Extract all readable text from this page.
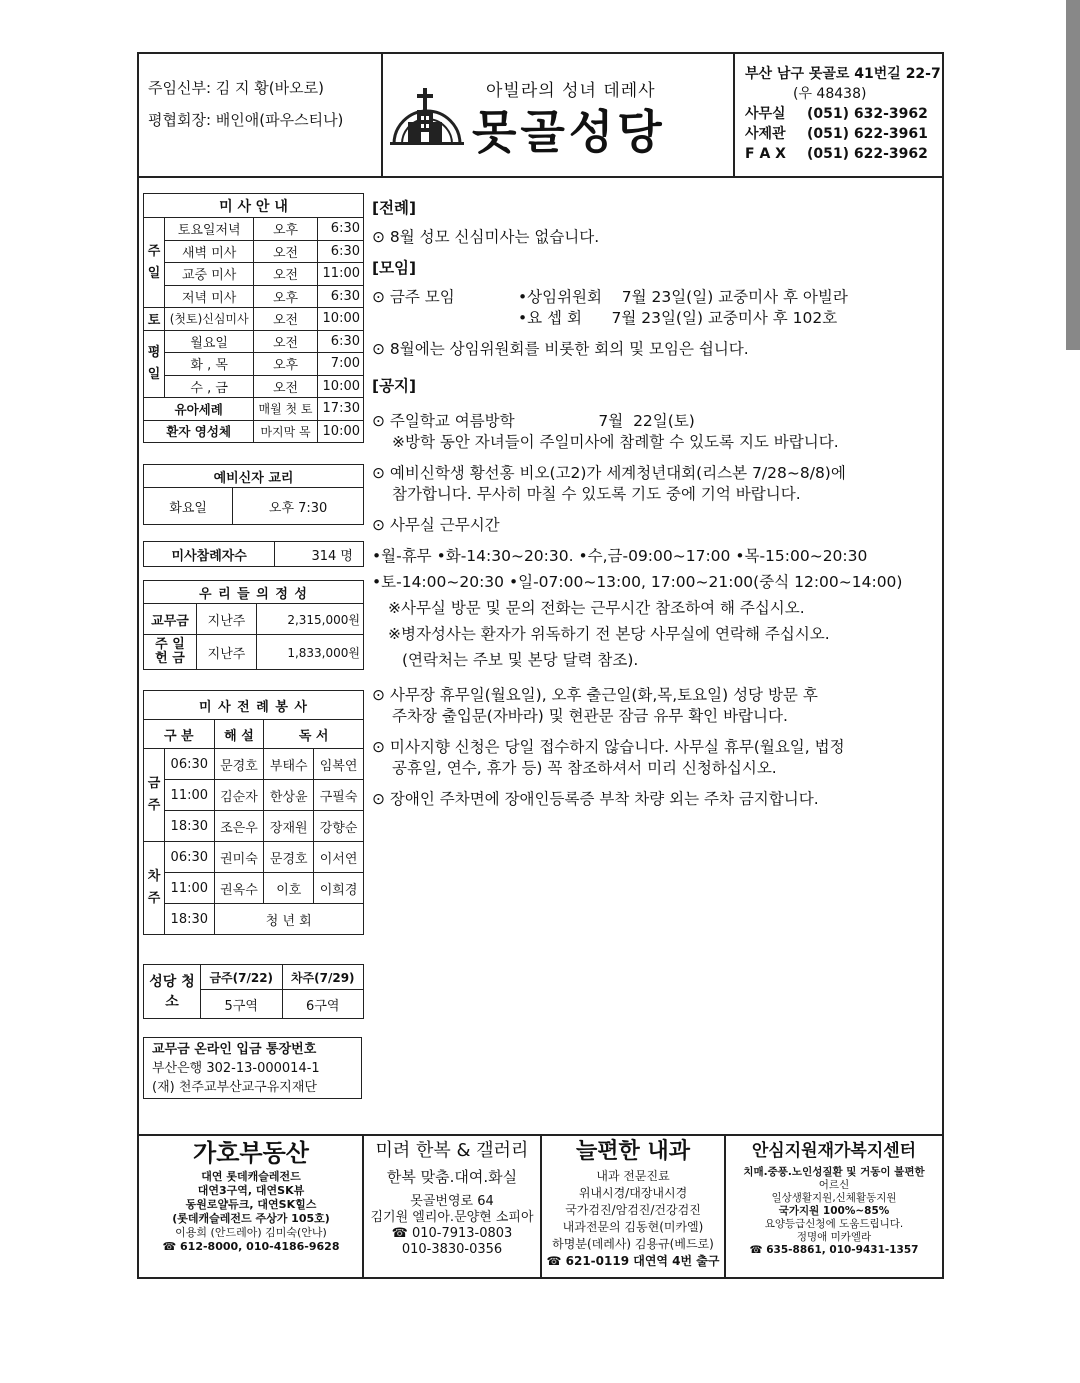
주임신부: 김 지 황(바오로)
평협회장: 배인애(파우스티나)
아빌라의 성녀 데레사
못골성당
부산 남구 못골로 41번길 22-7
(우 48438)
사무실	(051) 632-3962
사제관	(051) 622-3961
F A X	(051) 622-3962
미 사 안 내			
주일	토요일저녁	오후	6:30
	새벽 미사	오전	6:30
	교중 미사	오전	11:00
	저녁 미사	오후	6:30
토	(첫토)신심미사	오전	10:00
평일	월요일	오전	6:30
	화 , 목	오후	7:00
	수 , 금	오전	10:00
유아세례		매월 첫 토	17:30
환자 영성체		마지막 목	10:00
예비신자 교리
화요일	오후 7:30
미사참례자수	314 명
우 리 들 의 정 성		
교무금	지난주	2,315,000원
주 일 헌 금	지난주	1,833,000원
미 사 전 례 봉 사				
구 분		해 설	독 서	
금주	06:30	문경호	부태수	임복연
	11:00	김순자	한상윤	구필숙
	18:30	조은우	장재원	강향순
차주	06:30	권미숙	문경호	이서연
	11:00	권옥수	이호	이희경
	18:30	청 년 회		
성당 청소	금주(7/22)	차주(7/29)
	5구역	6구역
교무금 온라인 입금 통장번호
부산은행 302-13-000014-1
(재) 천주교부산교구유지재단
[전례]
⊙ 8월 성모 신심미사는 없습니다.
[모임]
⊙ 금주 모임	•상임위원회    7월 23일(일) 교중미사 후 아빌라
•요 셉 회      7월 23일(일) 교중미사 후 102호
⊙ 8월에는 상임위원회를 비롯한 회의 및 모임은 쉽니다.
[공지]
⊙ 주일학교 여름방학                 7월  22일(토)
※방학 동안 자녀들이 주일미사에 참례할 수 있도록 지도 바랍니다.
⊙ 예비신학생 황선홍 비오(고2)가 세계청년대회(리스본 7/28~8/8)에
참가합니다. 무사히 마칠 수 있도록 기도 중에 기억 바랍니다.
⊙ 사무실 근무시간
•월-휴무 •화-14:30~20:30. •수,금-09:00~17:00 •목-15:00~20:30
•토-14:00~20:30 •일-07:00~13:00, 17:00~21:00(중식 12:00~14:00)
※사무실 방문 및 문의 전화는 근무시간 참조하여 해 주십시오.
※병자성사는 환자가 위독하기 전 본당 사무실에 연락해 주십시오.
(연락처는 주보 및 본당 달력 참조).
⊙ 사무장 휴무일(월요일), 오후 출근일(화,목,토요일) 성당 방문 후
주차장 출입문(자바라) 및 현관문 잠금 유무 확인 바랍니다.
⊙ 미사지향 신청은 당일 접수하지 않습니다. 사무실 휴무(월요일, 법정
공휴일, 연수, 휴가 등) 꼭 참조하셔서 미리 신청하십시오.
⊙ 장애인 주차면에 장애인등록증 부착 차량 외는 주차 금지합니다.
가호부동산
대연 롯데캐슬레전드
대연3구역, 대연SK뷰
동원로얄듀크, 대연SK힐스
(롯데캐슬레전드 주상가 105호)
이용희 (안드레아) 김미숙(안나)
☎ 612-8000, 010-4186-9628
미려 한복 & 갤러리
한복 맞춤.대여.화실
못골번영로 64
김기원 엘리아.문양현 소피아
☎ 010-7913-0803
010-3830-0356
늘편한 내과
내과 전문진료
위내시경/대장내시경
국가검진/암검진/건강검진
내과전문의 김동현(미카엘)
하명분(데레사) 김용규(베드로)
☎ 621-0119 대연역 4번 출구
안심지원재가복지센터
치매.중풍.노인성질환 및 거동이 불편한
어르신
일상생활지원,신체활동지원
국가지원 100%~85%
요양등급신청에 도움드립니다.
정명애 미카엘라
☎ 635-8861, 010-9431-1357
